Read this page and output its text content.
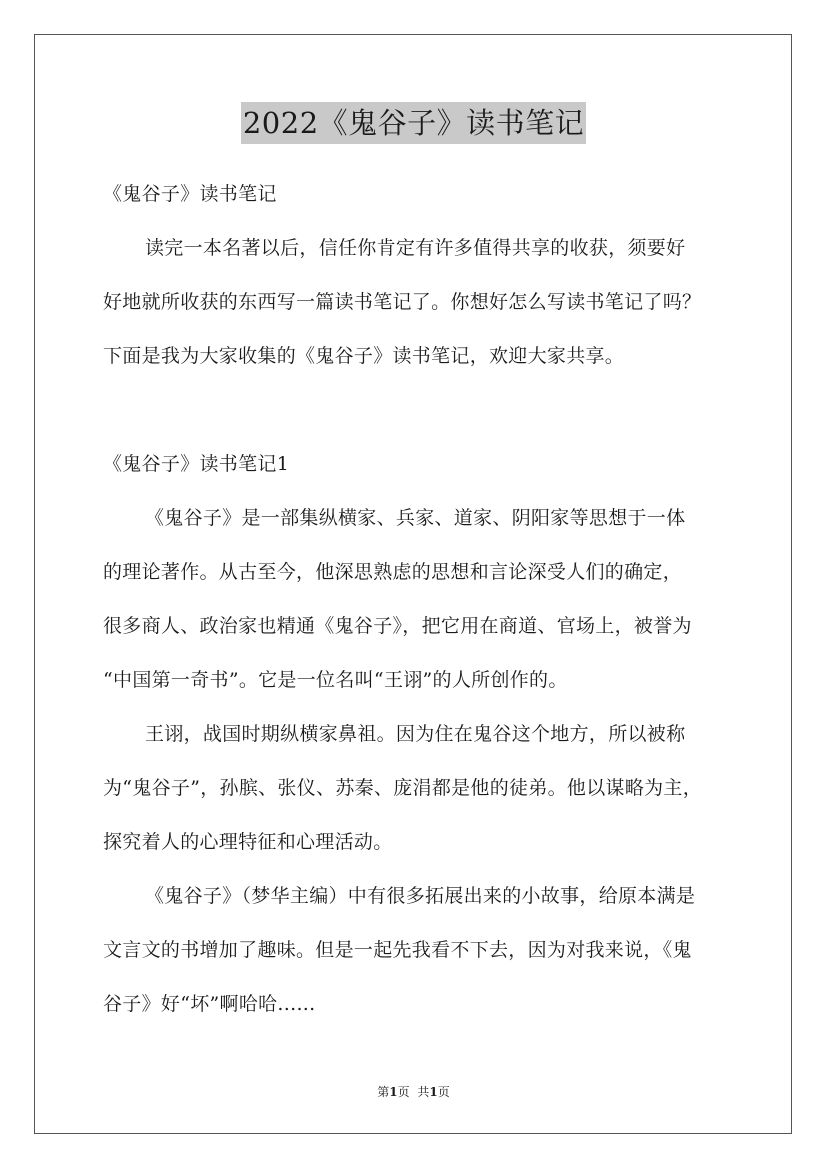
2022《鬼谷子》读书笔记
《鬼谷子》读书笔记
读完一本名著以后，信任你肯定有许多值得共享的收获，须要好
好地就所收获的东西写一篇读书笔记了。你想好怎么写读书笔记了吗？
下面是我为大家收集的《鬼谷子》读书笔记，欢迎大家共享。
《鬼谷子》读书笔记1
《鬼谷子》是一部集纵横家、兵家、道家、阴阳家等思想于一体
的理论著作。从古至今，他深思熟虑的思想和言论深受人们的确定，
很多商人、政治家也精通《鬼谷子》，把它用在商道、官场上，被誉为
“中国第一奇书”。它是一位名叫“王诩”的人所创作的。
王诩，战国时期纵横家鼻祖。因为住在鬼谷这个地方，所以被称
为“鬼谷子”，孙膑、张仪、苏秦、庞涓都是他的徒弟。他以谋略为主，
探究着人的心理特征和心理活动。
《鬼谷子》（梦华主编）中有很多拓展出来的小故事，给原本满是
文言文的书增加了趣味。但是一起先我看不下去，因为对我来说，《鬼
谷子》好“坏”啊哈哈......
第1页 共1页
